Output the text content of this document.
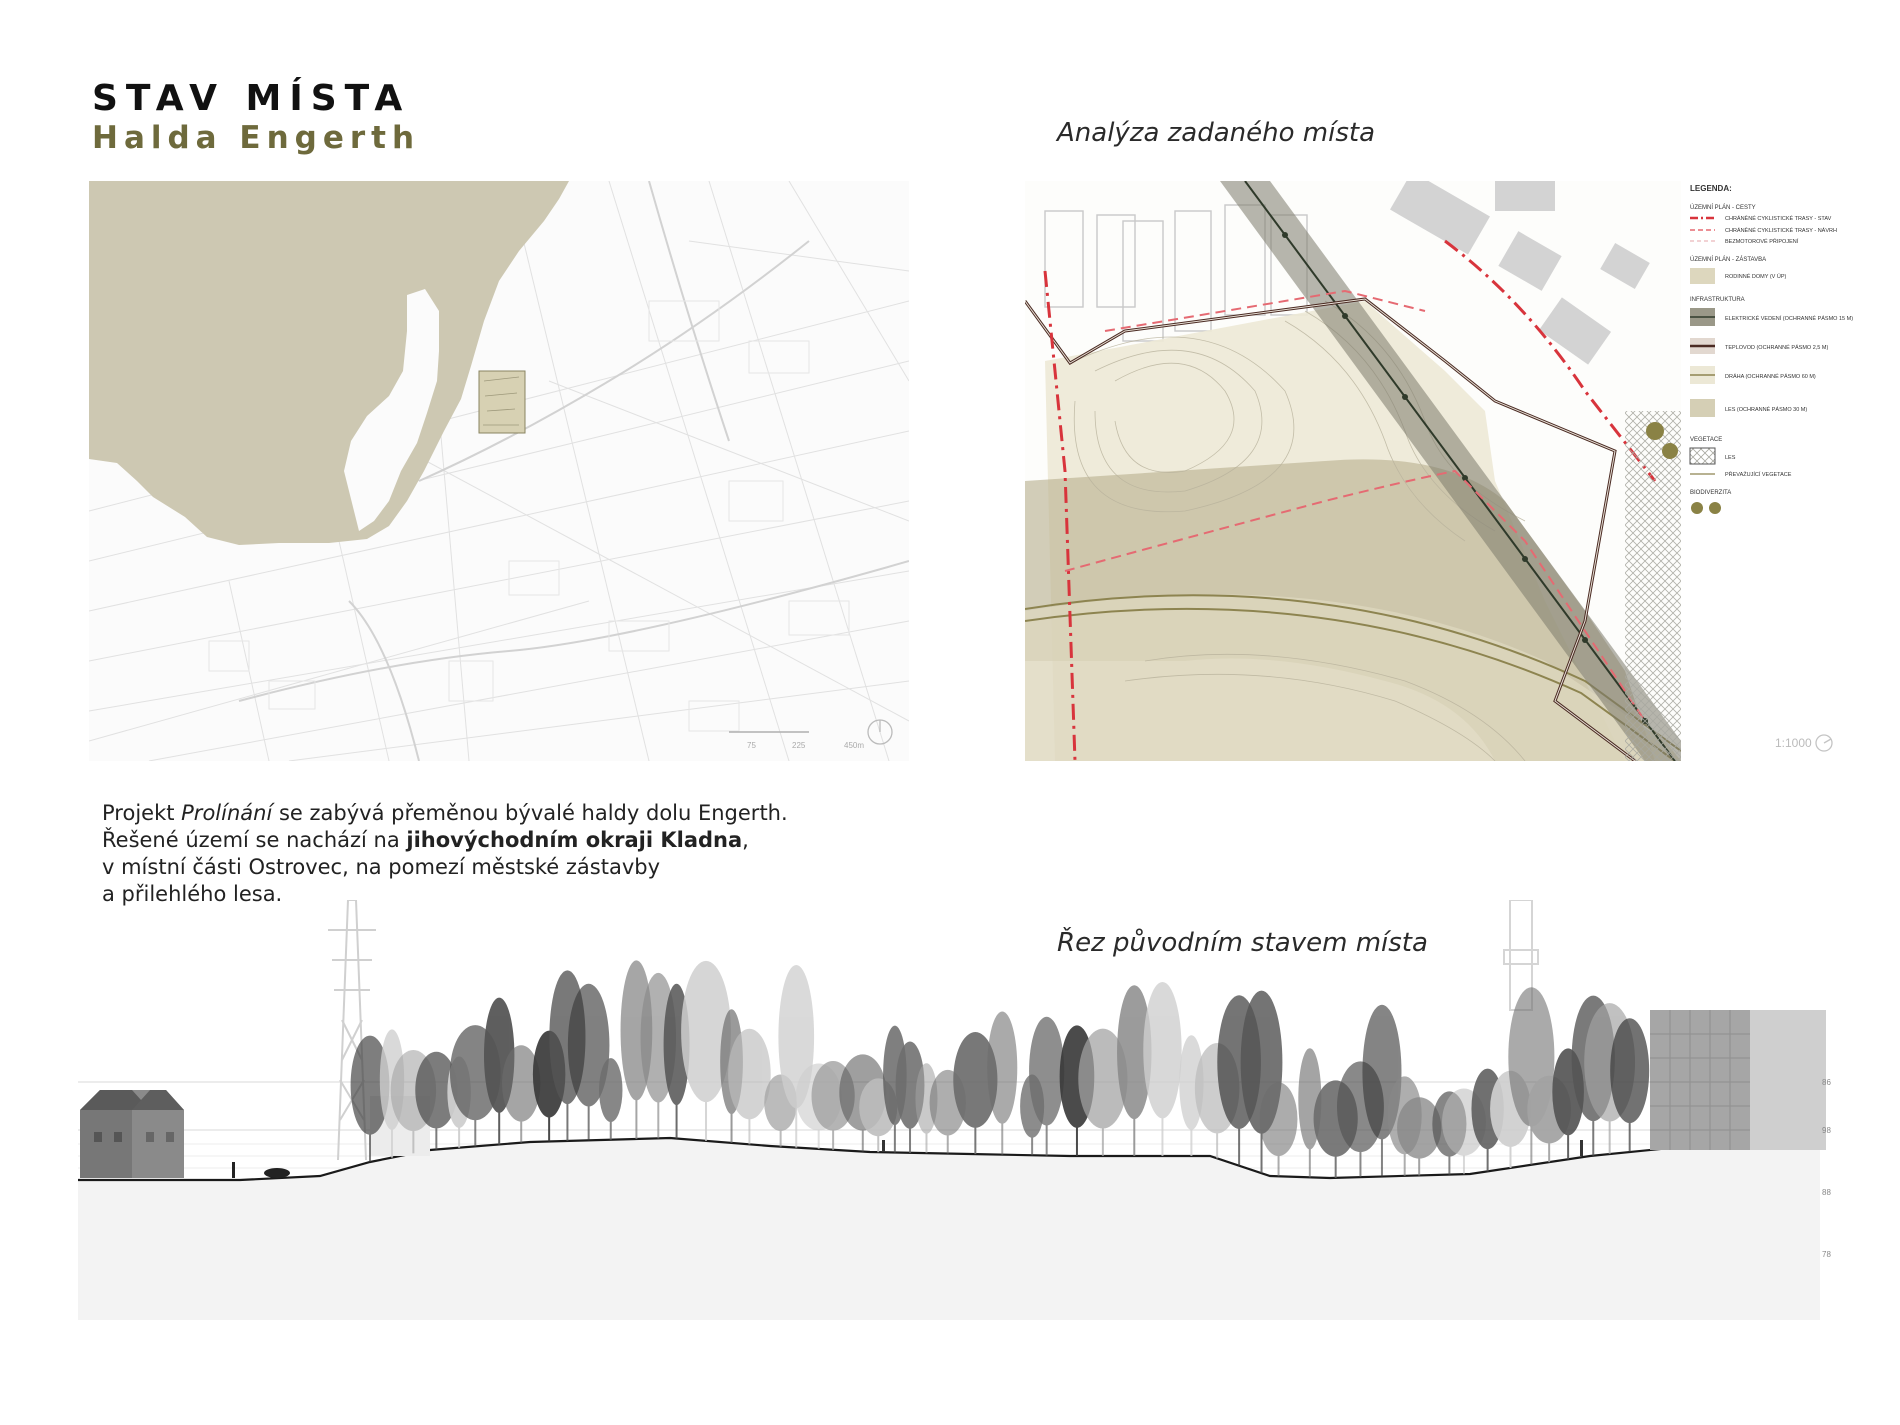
STAV MÍSTA
Halda Engerth	Analýza zadaného místa
75	225	450m
LEGENDA:
ÚZEMNÍ PLÁN - CESTY
CHRÁNĚNÉ CYKLISTICKÉ TRASY - STAV
CHRÁNĚNÉ CYKLISTICKÉ TRASY - NÁVRH
BEZMOTOROVÉ PŘIPOJENÍ
ÚZEMNÍ PLÁN - ZÁSTAVBA
RODINNÉ DOMY (V ÚP)
INFRASTRUKTURA
ELEKTRICKÉ VEDENÍ (OCHRANNÉ PÁSMO 15 M)
TEPLOVOD (OCHRANNÉ PÁSMO 2,5 M)
DRÁHA (OCHRANNÉ PÁSMO 60 M)
LES (OCHRANNÉ PÁSMO 30 M)
VEGETACE
LES
PŘEVAŽUJÍCÍ VEGETACE
BIODIVERZITA
1:1000
Projekt Prolínání se zabývá přeměnou bývalé haldy dolu Engerth.
Řešené území se nachází na jihovýchodním okraji Kladna,
v místní části Ostrovec, na pomezí městské zástavby
a přilehlého lesa.
Řez původním stavem místa
86
98
88
78
